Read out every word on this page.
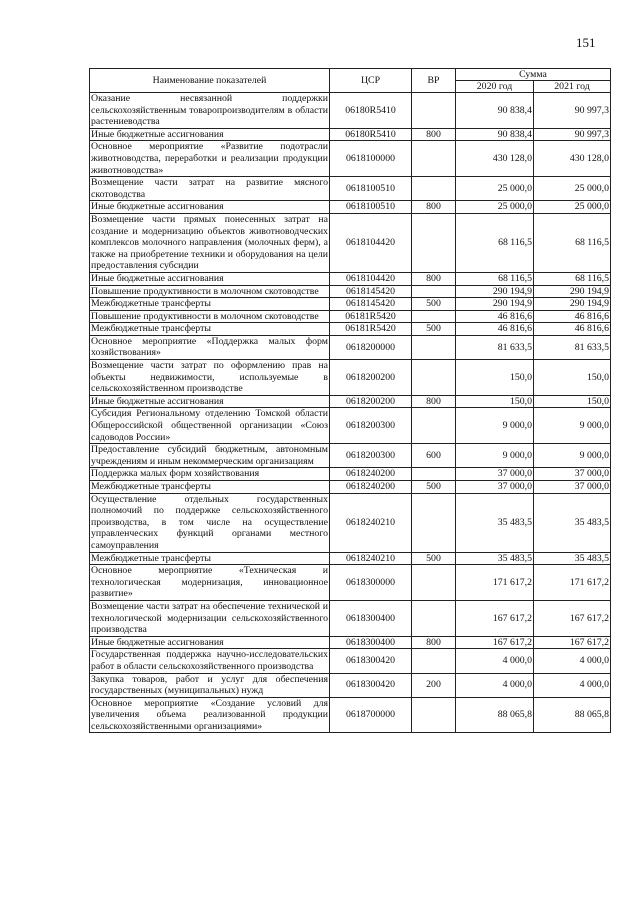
151
Наименование показателей	ЦСР	ВР	Сумма	
			2020 год	2021 год
Оказание несвязанной поддержки сельскохозяйственным товаропроизводителям в области растениеводства	06180R5410		90 838,4	90 997,3
Иные бюджетные ассигнования	06180R5410	800	90 838,4	90 997,3
Основное мероприятие «Развитие подотрасли животноводства, переработки и реализации продукции животноводства»	0618100000		430 128,0	430 128,0
Возмещение части затрат на развитие мясного скотоводства	0618100510		25 000,0	25 000,0
Иные бюджетные ассигнования	0618100510	800	25 000,0	25 000,0
Возмещение части прямых понесенных затрат на создание и модернизацию объектов животноводческих комплексов молочного направления (молочных ферм), а также на приобретение техники и оборудования на цели предоставления субсидии	0618104420		68 116,5	68 116,5
Иные бюджетные ассигнования	0618104420	800	68 116,5	68 116,5
Повышение продуктивности в молочном скотоводстве	0618145420		290 194,9	290 194,9
Межбюджетные трансферты	0618145420	500	290 194,9	290 194,9
Повышение продуктивности в молочном скотоводстве	06181R5420		46 816,6	46 816,6
Межбюджетные трансферты	06181R5420	500	46 816,6	46 816,6
Основное мероприятие «Поддержка малых форм хозяйствования»	0618200000		81 633,5	81 633,5
Возмещение части затрат по оформлению прав на объекты недвижимости, используемые в сельскохозяйственном производстве	0618200200		150,0	150,0
Иные бюджетные ассигнования	0618200200	800	150,0	150,0
Субсидия Региональному отделению Томской области Общероссийской общественной организации «Союз садоводов России»	0618200300		9 000,0	9 000,0
Предоставление субсидий бюджетным, автономным учреждениям и иным некоммерческим организациям	0618200300	600	9 000,0	9 000,0
Поддержка малых форм хозяйствования	0618240200		37 000,0	37 000,0
Межбюджетные трансферты	0618240200	500	37 000,0	37 000,0
Осуществление отдельных государственных полномочий по поддержке сельскохозяйственного производства, в том числе на осуществление управленческих функций органами местного самоуправления	0618240210		35 483,5	35 483,5
Межбюджетные трансферты	0618240210	500	35 483,5	35 483,5
Основное мероприятие «Техническая и технологическая модернизация, инновационное развитие»	0618300000		171 617,2	171 617,2
Возмещение части затрат на обеспечение технической и технологической модернизации сельскохозяйственного производства	0618300400		167 617,2	167 617,2
Иные бюджетные ассигнования	0618300400	800	167 617,2	167 617,2
Государственная поддержка научно-исследовательских работ в области сельскохозяйственного производства	0618300420		4 000,0	4 000,0
Закупка товаров, работ и услуг для обеспечения государственных (муниципальных) нужд	0618300420	200	4 000,0	4 000,0
Основное мероприятие «Создание условий для увеличения объема реализованной продукции сельскохозяйственными организациями»	0618700000		88 065,8	88 065,8
